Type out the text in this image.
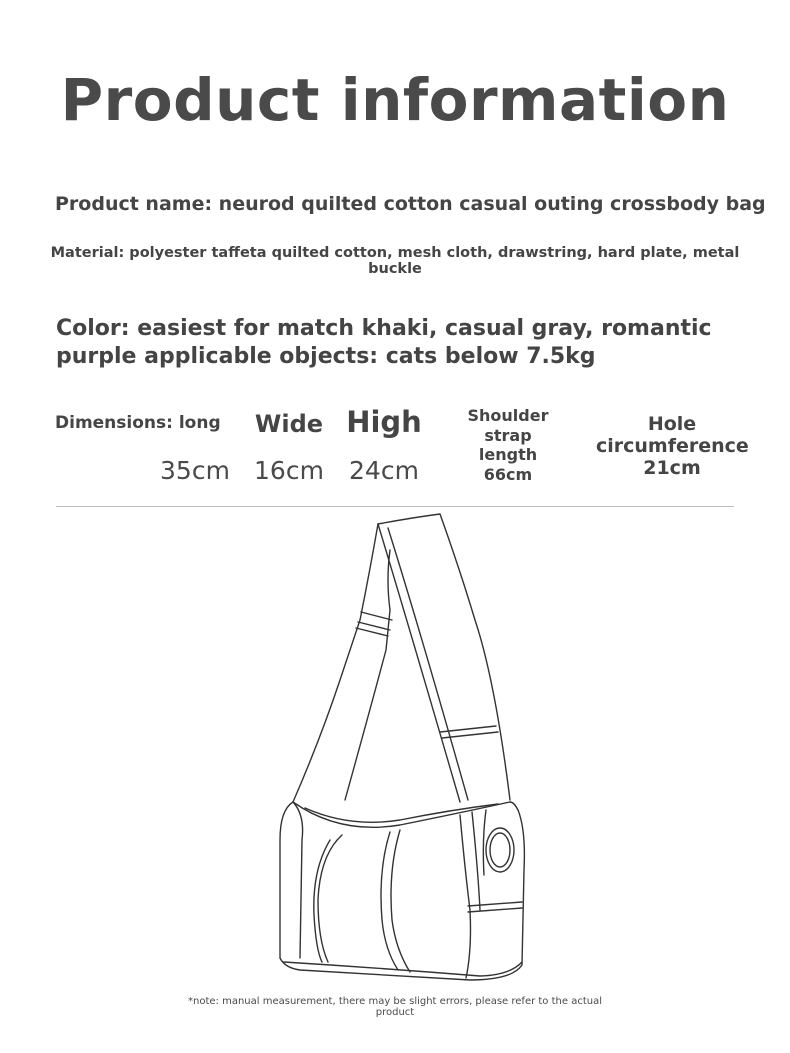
Product information
Product name: neurod quilted cotton casual outing crossbody bag
Material: polyester taffeta quilted cotton, mesh cloth, drawstring, hard plate, metal buckle
Color: easiest for match khaki, casual gray, romantic
purple applicable objects: cats below 7.5kg
Dimensions: long
35cm
Wide
16cm
High
24cm
Shoulder
strap
length
66cm
Hole
circumference
21cm
*note: manual measurement, there may be slight errors, please refer to the actual product
